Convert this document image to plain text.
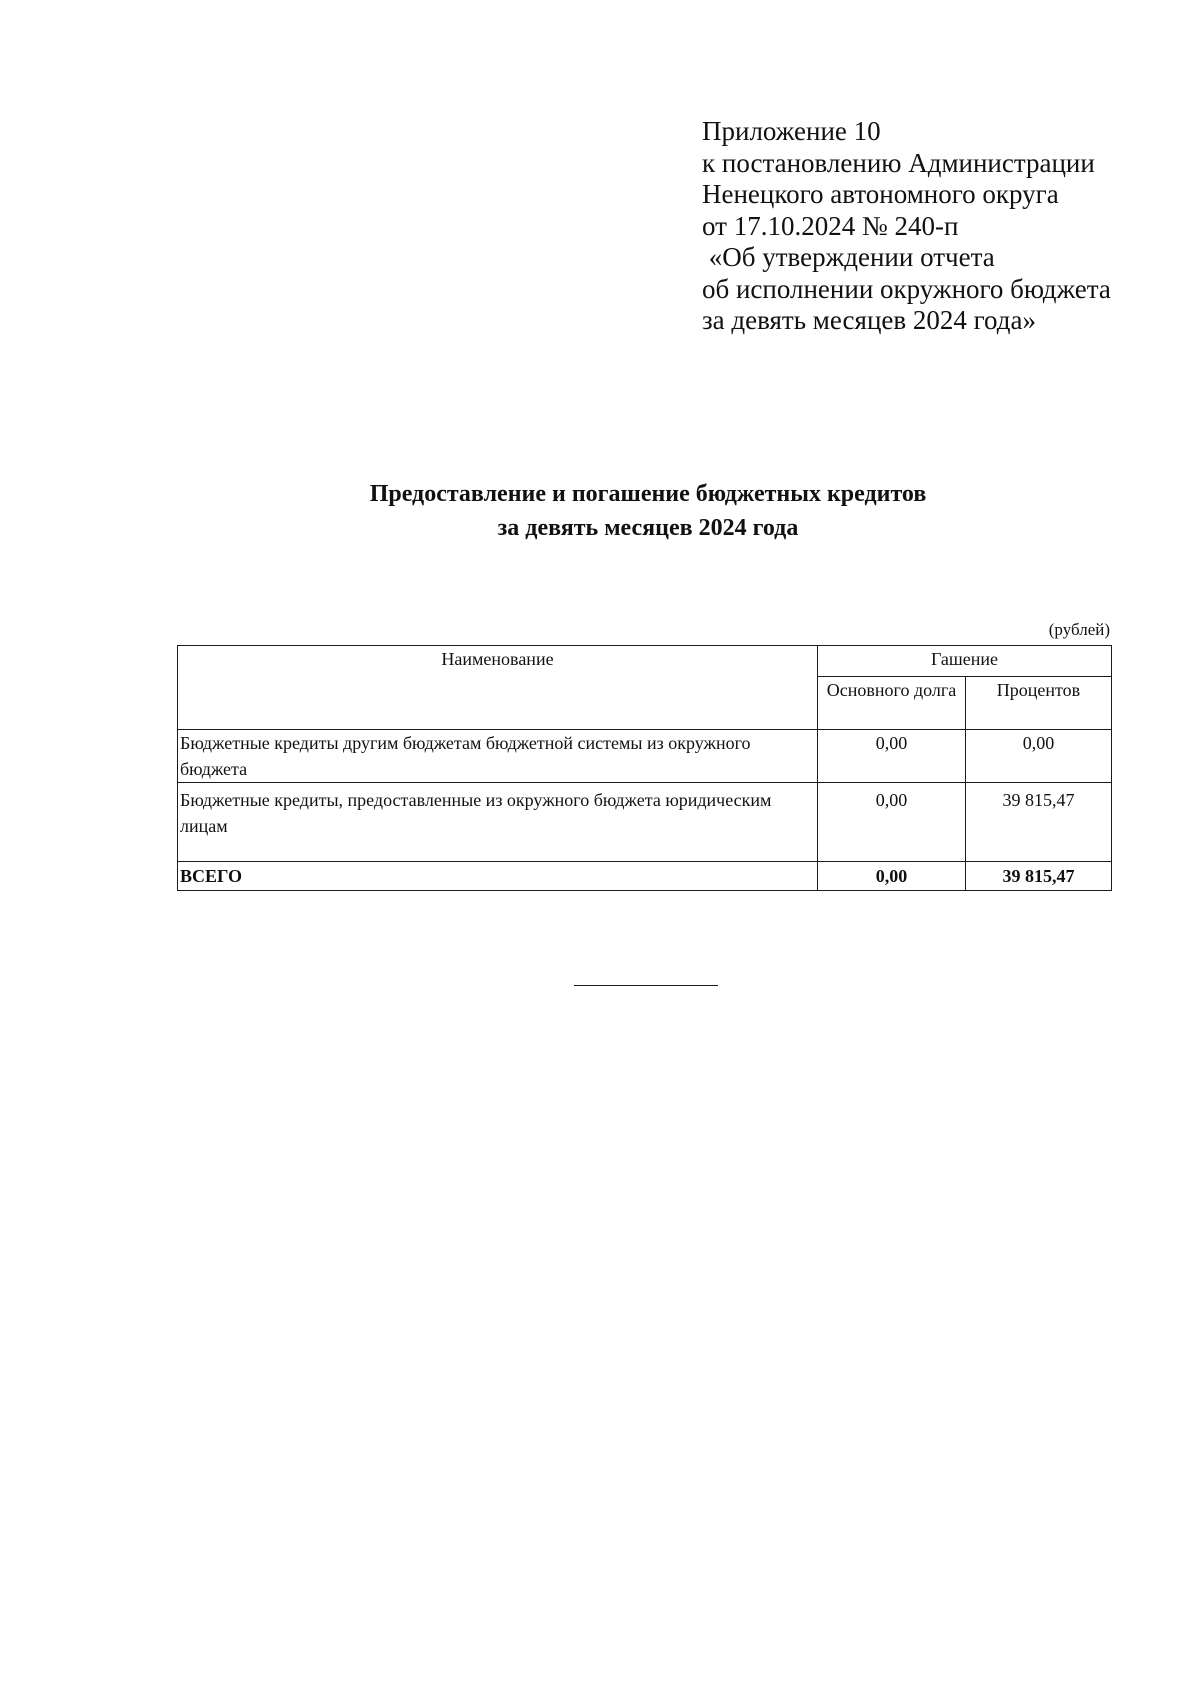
Приложение 10
к постановлению Администрации
Ненецкого автономного округа
от 17.10.2024 № 240-п
«Об утверждении отчета
об исполнении окружного бюджета
за девять месяцев 2024 года»
Предоставление и погашение бюджетных кредитов
за девять месяцев 2024 года
(рублей)
Наименование	Гашение	
	Основного долга	Процентов
Бюджетные кредиты другим бюджетам бюджетной системы из окружного бюджета	0,00	0,00
Бюджетные кредиты, предоставленные из окружного бюджета юридическим лицам	0,00	39 815,47
ВСЕГО	0,00	39 815,47
